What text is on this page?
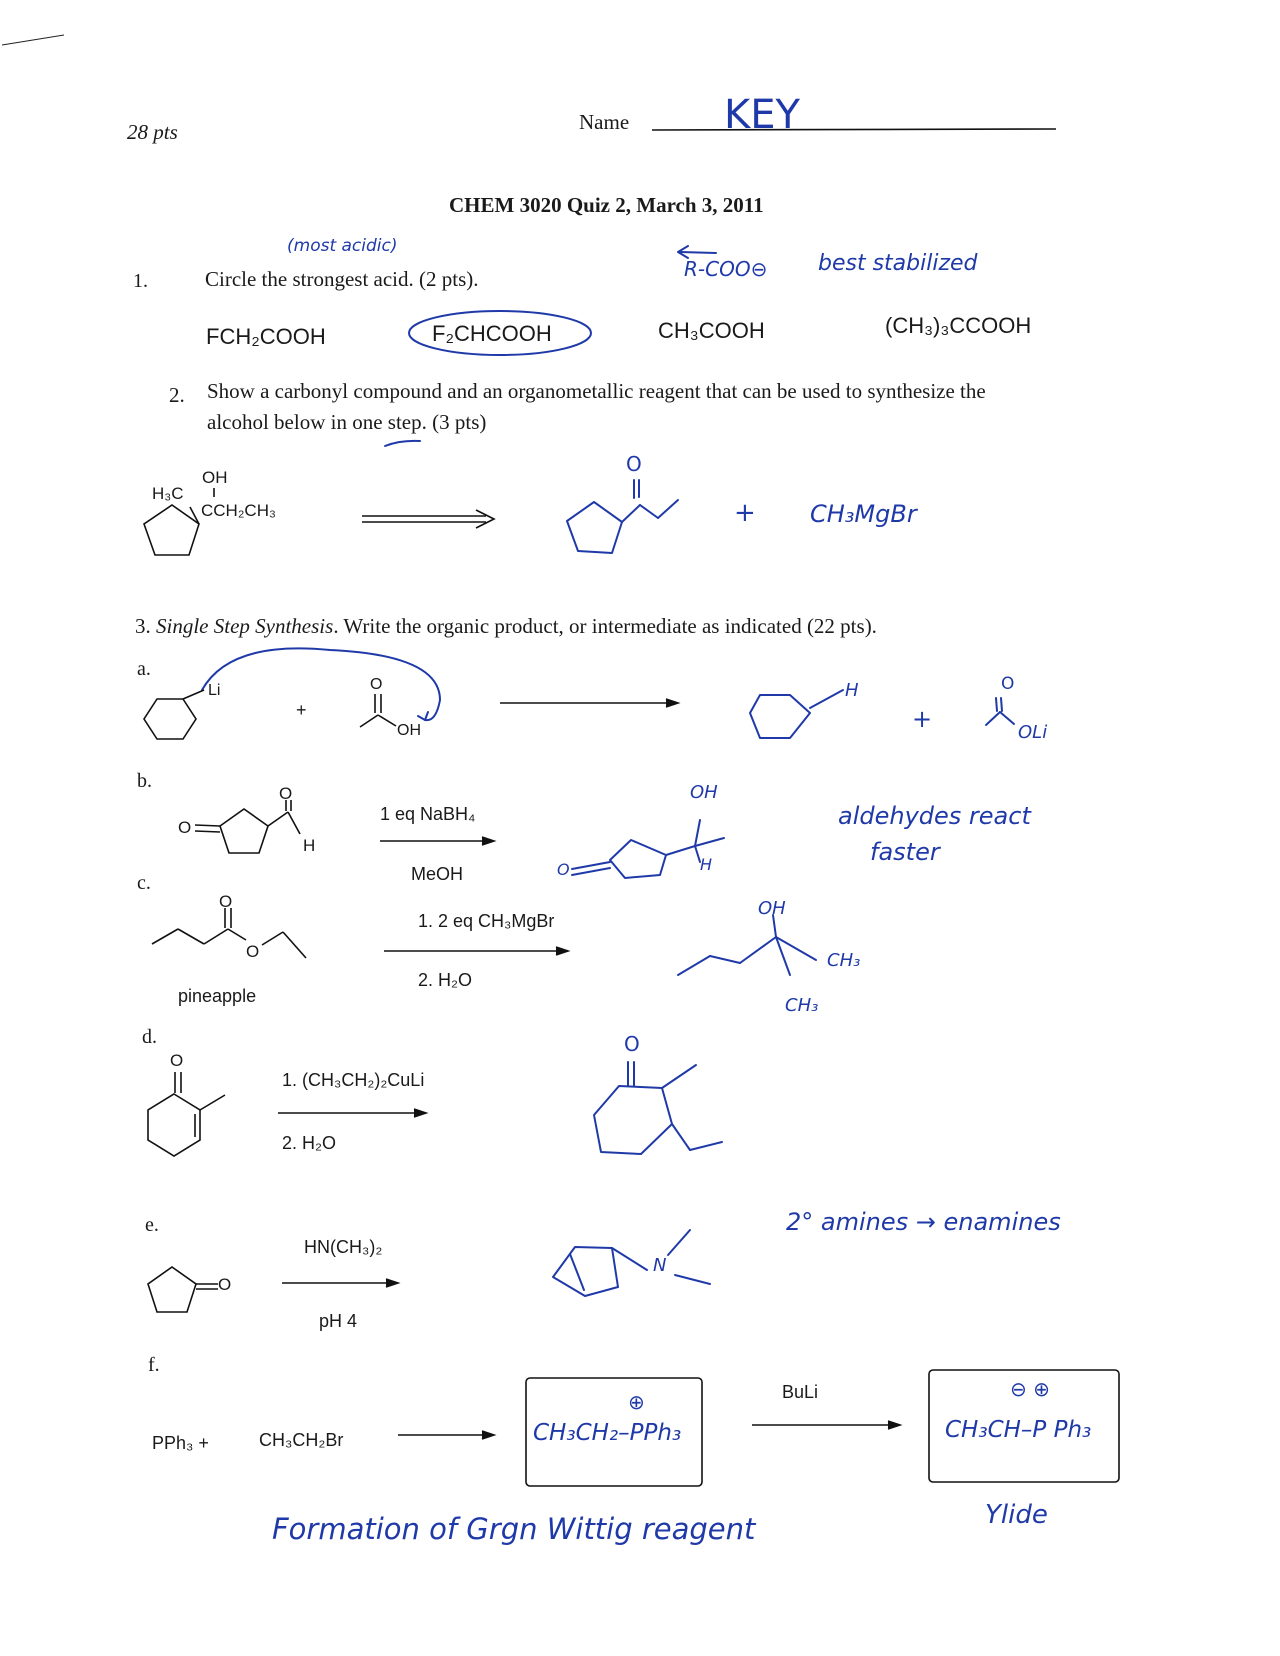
28 pts	Name KEY
CHEM 3020 Quiz 2, March 3, 2011
(most acidic)
1.	Circle the strongest acid. (2 pts).	R-COO⊖ best stabilized
FCH₂COOH	F₂CHCOOH	CH₃COOH	(CH₃)₃CCOOH
2. Show a carbonyl compound and an organometallic reagent that can be used to synthesize the
alcohol below in one step. (3 pts)
OH
H₃C
CCH₂CH₃
O
+ CH₃MgBr
3. Single Step Synthesis. Write the organic product, or intermediate as indicated (22 pts).
a.
Li
+
O
OH
H
+
O
OLi
b.
O
O
H
1 eq NaBH₄
MeOH
OH
H
O
aldehydes react
faster
c.
O
O
pineapple
1. 2 eq CH₃MgBr
2. H₂O
OH
CH₃
CH₃
d.
O
1. (CH₃CH₂)₂CuLi
2. H₂O
O
e.
O
HN(CH₃)₂
pH 4
N
2° amines → enamines
f.
PPh₃ +	CH₃CH₂Br
⊕
CH₃CH₂–PPh₃
BuLi	⊖ ⊕
CH₃CH–P Ph₃
Ylide
Formation of Grgn Wittig reagent
